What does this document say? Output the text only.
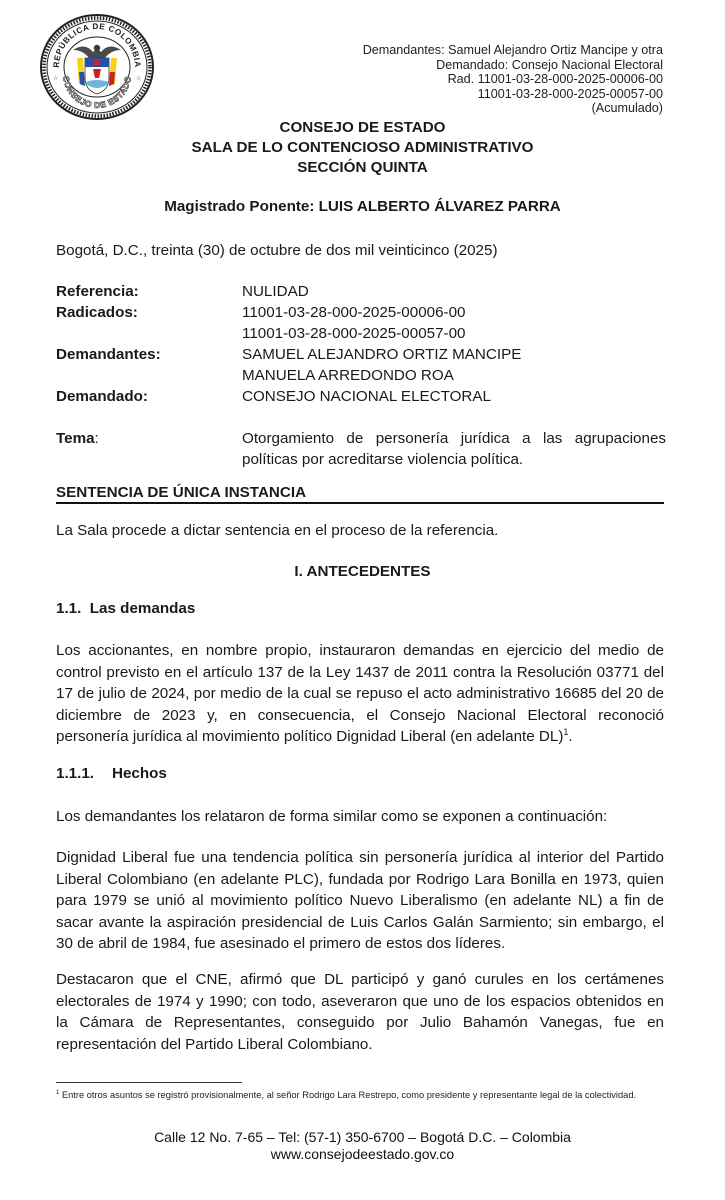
REPÚBLICA DE COLOMBIA
CONSEJO DE ESTADO
☆	☆
Demandantes: Samuel Alejandro Ortiz Mancipe y otra
Demandado: Consejo Nacional Electoral
Rad. 11001-03-28-000-2025-00006-00
11001-03-28-000-2025-00057-00
(Acumulado)
CONSEJO DE ESTADO
SALA DE LO CONTENCIOSO ADMINISTRATIVO
SECCIÓN QUINTA
Magistrado Ponente: LUIS ALBERTO ÁLVAREZ PARRA
Bogotá, D.C., treinta (30) de octubre de dos mil veinticinco (2025)
Referencia:	NULIDAD
Radicados:	11001-03-28-000-2025-00006-00
11001-03-28-000-2025-00057-00
Demandantes:	SAMUEL ALEJANDRO ORTIZ MANCIPE
MANUELA ARREDONDO ROA
Demandado:	CONSEJO NACIONAL ELECTORAL
Tema:	Otorgamiento de personería jurídica a las agrupaciones políticas por acreditarse violencia política.
SENTENCIA DE ÚNICA INSTANCIA
La Sala procede a dictar sentencia en el proceso de la referencia.
I. ANTECEDENTES
1.1.  Las demandas
Los accionantes, en nombre propio, instauraron demandas en ejercicio del medio de control previsto en el artículo 137 de la Ley 1437 de 2011 contra la Resolución 03771 del 17 de julio de 2024, por medio de la cual se repuso el acto administrativo 16685 del 20 de diciembre de 2023 y, en consecuencia, el Consejo Nacional Electoral reconoció personería jurídica al movimiento político Dignidad Liberal (en adelante DL)$^1$.
1.1.1. Hechos
Los demandantes los relataron de forma similar como se exponen a continuación:
Dignidad Liberal fue una tendencia política sin personería jurídica al interior del Partido Liberal Colombiano (en adelante PLC), fundada por Rodrigo Lara Bonilla en 1973, quien para 1979 se unió al movimiento político Nuevo Liberalismo (en adelante NL) a fin de sacar avante la aspiración presidencial de Luis Carlos Galán Sarmiento; sin embargo, el 30 de abril de 1984, fue asesinado el primero de estos dos líderes.
Destacaron que el CNE, afirmó que DL participó y ganó curules en los certámenes electorales de 1974 y 1990; con todo, aseveraron que uno de los espacios obtenidos en la Cámara de Representantes, conseguido por Julio Bahamón Vanegas, fue en representación del Partido Liberal Colombiano.
$^1$ Entre otros asuntos se registró provisionalmente, al señor Rodrigo Lara Restrepo, como presidente y representante legal de la colectividad.
Calle 12 No. 7-65 – Tel: (57-1) 350-6700 – Bogotá D.C. – Colombia
www.consejodeestado.gov.co
